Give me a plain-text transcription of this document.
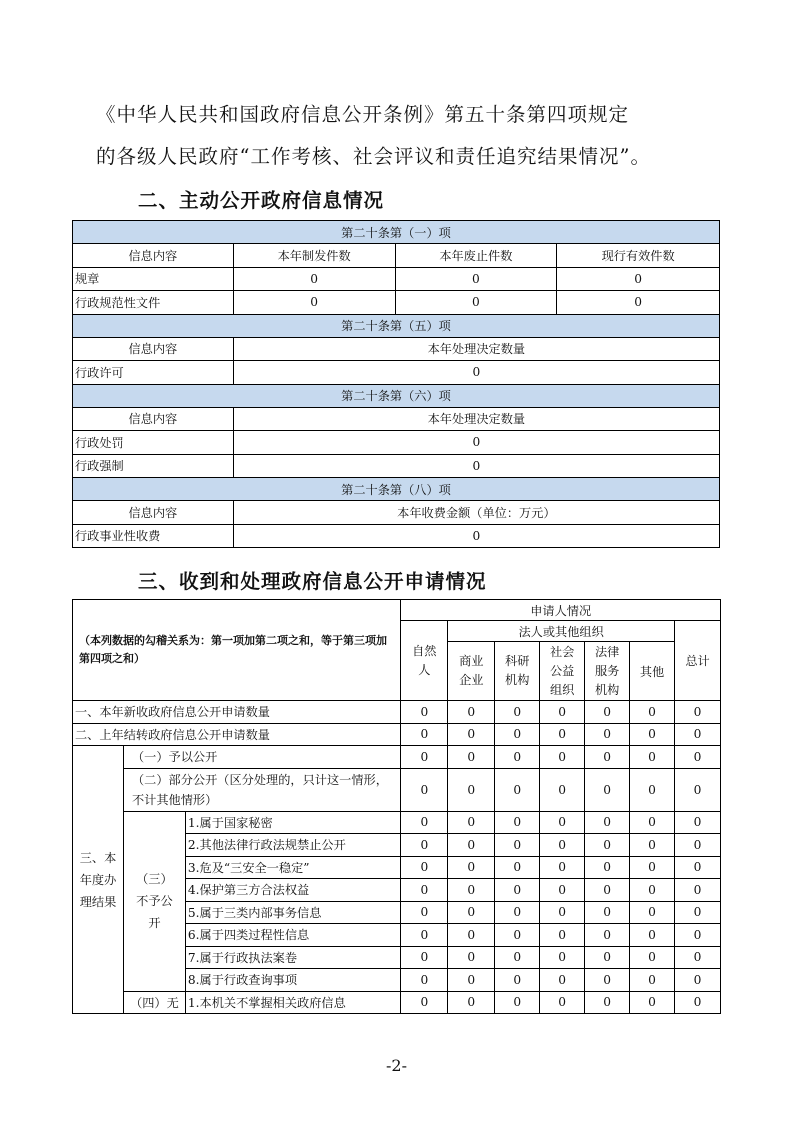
《中华人民共和国政府信息公开条例》第五十条第四项规定
的各级人民政府“工作考核、社会评议和责任追究结果情况”。
二、主动公开政府信息情况
第二十条第（一）项			
信息内容	本年制发件数	本年废止件数	现行有效件数
规章	0	0	0
行政规范性文件	0	0	0
第二十条第（五）项			
信息内容	本年处理决定数量		
行政许可	0		
第二十条第（六）项			
信息内容	本年处理决定数量		
行政处罚	0		
行政强制	0		
第二十条第（八）项			
信息内容	本年收费金额（单位：万元）		
行政事业性收费	0		
三、收到和处理政府信息公开申请情况
（本列数据的勾稽关系为：第一项加第二项之和，等于第三项加第四项之和）			申请人情况						

			自然人	法人或其他组织					总计

				商业企业	科研机构	社会公益组织	法律服务机构	其他	
一、本年新收政府信息公开申请数量			0	0	0	0	0	0	0
二、上年结转政府信息公开申请数量			0	0	0	0	0	0	0

三、本年度办理结果	（一）予以公开		0	0	0	0	0	0	0
	（二）部分公开（区分处理的，只计这一情形，不计其他情形）		0	0	0	0	0	0	0

	（三）不予公开	1.属于国家秘密	0	0	0	0	0	0	0
		2.其他法律行政法规禁止公开	0	0	0	0	0	0	0
		3.危及“三安全一稳定”	0	0	0	0	0	0	0
		4.保护第三方合法权益	0	0	0	0	0	0	0
		5.属于三类内部事务信息	0	0	0	0	0	0	0
		6.属于四类过程性信息	0	0	0	0	0	0	0
		7.属于行政执法案卷	0	0	0	0	0	0	0
		8.属于行政查询事项	0	0	0	0	0	0	0
	（四）无	1.本机关不掌握相关政府信息	0	0	0	0	0	0	0
-2-
